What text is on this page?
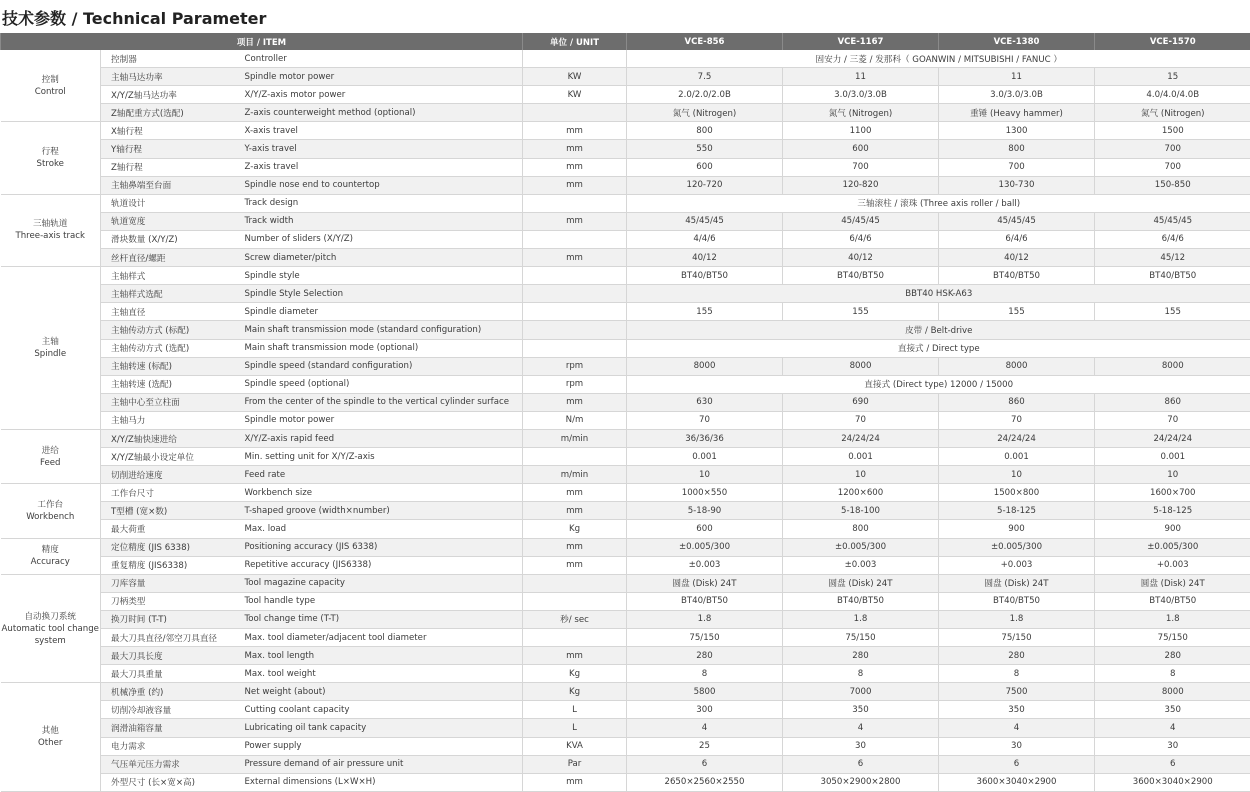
技术参数 / Technical Parameter
项目 / ITEM			单位 / UNIT	VCE-856	VCE-1167	VCE-1380	VCE-1570

控制
Control	控制器	Controller		固安力 / 三菱 / 发那科（ GOANWIN / MITSUBISHI / FANUC ）			
	主轴马达功率	Spindle motor power	KW	7.5	11	11	15
	X/Y/Z轴马达功率	X/Y/Z-axis motor power	KW	2.0/2.0/2.0B	3.0/3.0/3.0B	3.0/3.0/3.0B	4.0/4.0/4.0B
	Z轴配重方式(选配)	Z-axis counterweight method (optional)		氮气 (Nitrogen)	氮气 (Nitrogen)	重锤 (Heavy hammer)	氮气 (Nitrogen)

行程
Stroke	X轴行程	X-axis travel	mm	800	1100	1300	1500
	Y轴行程	Y-axis travel	mm	550	600	800	700
	Z轴行程	Z-axis travel	mm	600	700	700	700
	主轴鼻端至台面	Spindle nose end to countertop	mm	120-720	120-820	130-730	150-850

三轴轨道
Three-axis track	轨道设计	Track design		三轴滚柱 / 滚珠 (Three axis roller / ball)			
	轨道宽度	Track width	mm	45/45/45	45/45/45	45/45/45	45/45/45
	滑块数量 (X/Y/Z)	Number of sliders (X/Y/Z)		4/4/6	6/4/6	6/4/6	6/4/6
	丝杆直径/螺距	Screw diameter/pitch	mm	40/12	40/12	40/12	45/12

主轴
Spindle	主轴样式	Spindle style		BT40/BT50	BT40/BT50	BT40/BT50	BT40/BT50
	主轴样式选配	Spindle Style Selection		BBT40 HSK-A63			
	主轴直径	Spindle diameter		155	155	155	155
	主轴传动方式 (标配)	Main shaft transmission mode (standard configuration)		皮带 / Belt-drive			
	主轴传动方式 (选配)	Main shaft transmission mode (optional)		直接式 / Direct type			
	主轴转速 (标配)	Spindle speed (standard configuration)	rpm	8000	8000	8000	8000
	主轴转速 (选配)	Spindle speed (optional)	rpm	直接式 (Direct type) 12000 / 15000			
	主轴中心至立柱面	From the center of the spindle to the vertical cylinder surface	mm	630	690	860	860
	主轴马力	Spindle motor power	N/m	70	70	70	70

进给
Feed	X/Y/Z轴快速进给	X/Y/Z-axis rapid feed	m/min	36/36/36	24/24/24	24/24/24	24/24/24
	X/Y/Z轴最小设定单位	Min. setting unit for X/Y/Z-axis		0.001	0.001	0.001	0.001
	切削进给速度	Feed rate	m/min	10	10	10	10

工作台
Workbench	工作台尺寸	Workbench size	mm	1000×550	1200×600	1500×800	1600×700
	T型槽 (宽×数)	T-shaped groove (width×number)	mm	5-18-90	5-18-100	5-18-125	5-18-125
	最大荷重	Max. load	Kg	600	800	900	900

精度
Accuracy	定位精度 (JIS 6338)	Positioning accuracy (JIS 6338)	mm	±0.005/300	±0.005/300	±0.005/300	±0.005/300
	重复精度 (JIS6338)	Repetitive accuracy (JIS6338)	mm	±0.003	±0.003	+0.003	+0.003

自动换刀系统
Automatic tool change system	刀库容量	Tool magazine capacity		圆盘 (Disk) 24T	圆盘 (Disk) 24T	圆盘 (Disk) 24T	圆盘 (Disk) 24T
	刀柄类型	Tool handle type		BT40/BT50	BT40/BT50	BT40/BT50	BT40/BT50
	换刀时间 (T-T)	Tool change time (T-T)	秒/ sec	1.8	1.8	1.8	1.8
	最大刀具直径/邻空刀具直径	Max. tool diameter/adjacent tool diameter		75/150	75/150	75/150	75/150
	最大刀具长度	Max. tool length	mm	280	280	280	280
	最大刀具重量	Max. tool weight	Kg	8	8	8	8

其他
Other	机械净重 (约)	Net weight (about)	Kg	5800	7000	7500	8000
	切削冷却液容量	Cutting coolant capacity	L	300	350	350	350
	润滑油箱容量	Lubricating oil tank capacity	L	4	4	4	4
	电力需求	Power supply	KVA	25	30	30	30
	气压单元压力需求	Pressure demand of air pressure unit	Par	6	6	6	6
	外型尺寸 (长×宽×高)	External dimensions (L×W×H)	mm	2650×2560×2550	3050×2900×2800	3600×3040×2900	3600×3040×2900
